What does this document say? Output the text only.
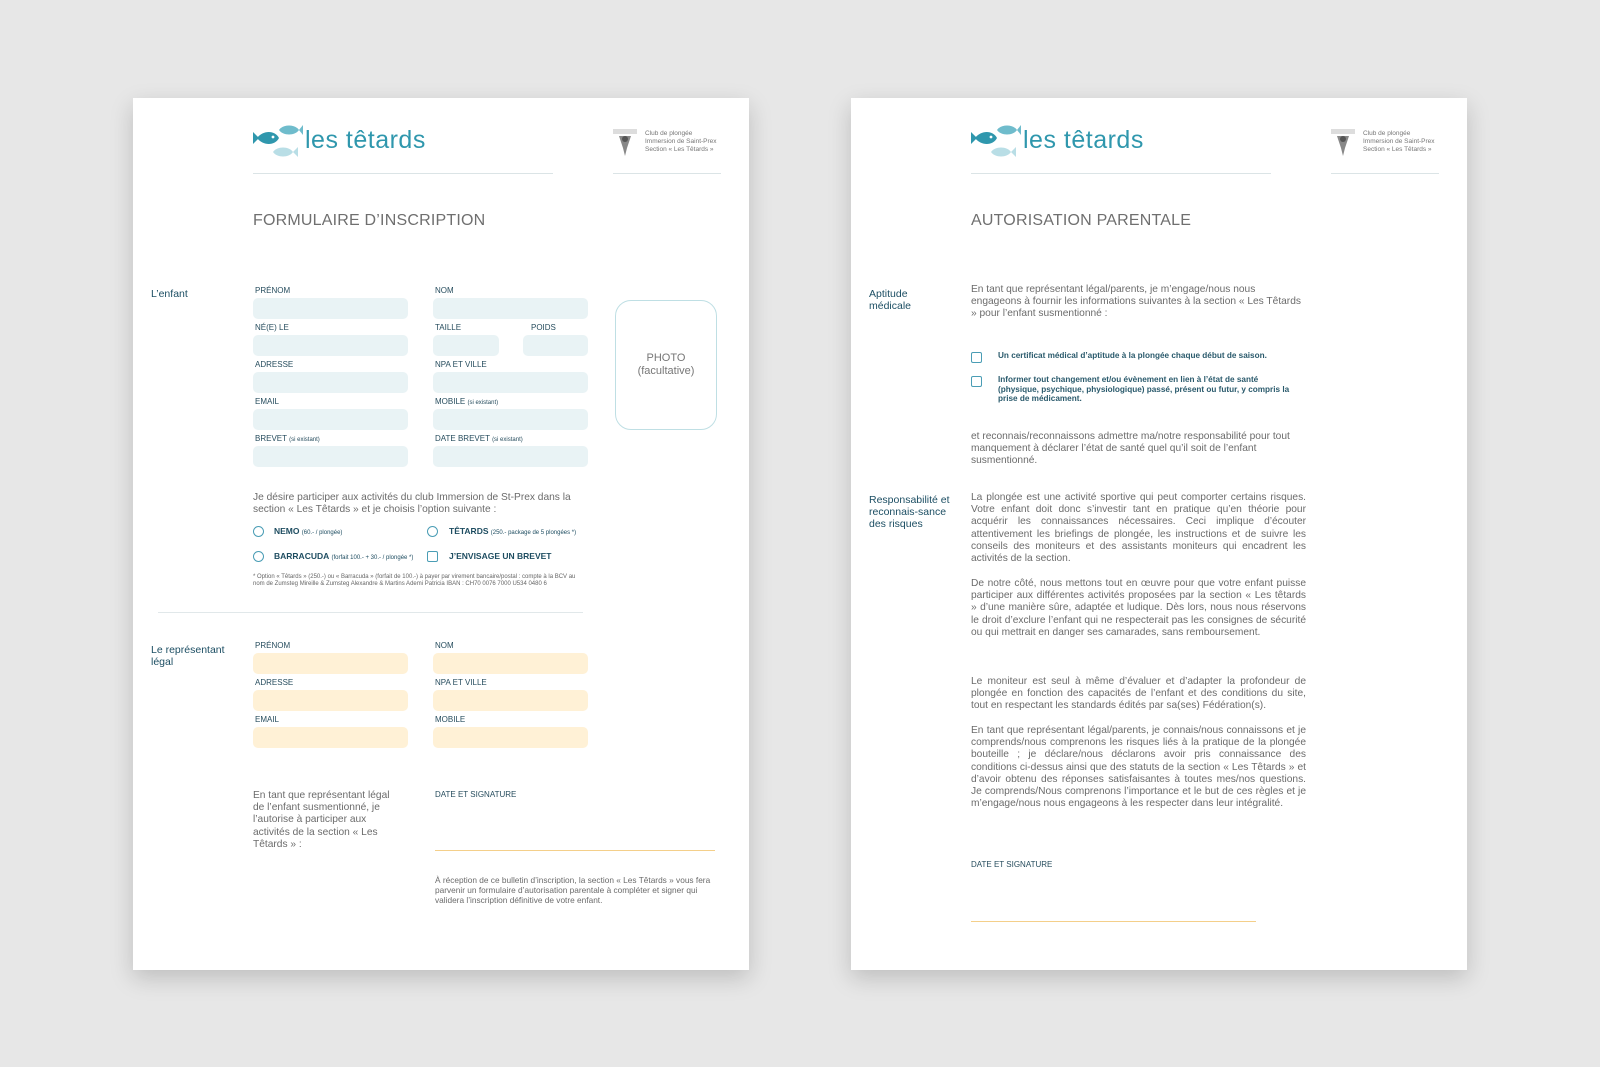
les têtards	Club de plongée
Immersion de Saint-Prex
Section « Les Têtards »
FORMULAIRE D’INSCRIPTION
L’enfant	PRÉNOM	NOM
NÉ(E) LE	TAILLE	POIDS
ADRESSE	NPA ET VILLE
EMAIL	MOBILE (si existant)
BREVET (si existant)	DATE BREVET (si existant)
PHOTO
(facultative)
Je désire participer aux activités du club Immersion de St-Prex dans la section « Les Têtards » et je choisis l’option suivante :
NEMO (60.- / plongée)	TÊTARDS (250.- package de 5 plongées *)
BARRACUDA (forfait 100.- + 30.- / plongée *)	J’ENVISAGE UN BREVET
* Option « Têtards » (250.-) ou « Barracuda » (forfait de 100.-) à payer par virement bancaire/postal : compte à la BCV au nom de Zumsteg Mireille & Zumsteg Alexandre & Martins Ademi Patricia IBAN : CH70 0076 7000 U534 0480 6
Le représentant légal
PRÉNOM	NOM
ADRESSE	NPA ET VILLE
EMAIL	MOBILE
En tant que représentant légal de l’enfant susmentionné, je l’autorise à participer aux activités de la section « Les Têtards » :
DATE ET SIGNATURE
À réception de ce bulletin d’inscription, la section « Les Têtards » vous fera parvenir un formulaire d’autorisation parentale à compléter et signer qui validera l’inscription définitive de votre enfant.
les têtards	Club de plongée
Immersion de Saint-Prex
Section « Les Têtards »
AUTORISATION PARENTALE
Aptitude médicale
En tant que représentant légal/parents, je m’engage/nous nous engageons à fournir les informations suivantes à la section « Les Têtards » pour l’enfant susmentionné :
Un certificat médical d’aptitude à la plongée chaque début de saison.
Informer tout changement et/ou évènement en lien à l’état de santé (physique, psychique, physiologique) passé, présent ou futur, y compris la prise de médicament.
et reconnais/reconnaissons admettre ma/notre responsabilité pour tout manquement à déclarer l’état de santé quel qu’il soit de l’enfant susmentionné.
Responsabilité et reconnais-sance des risques
La plongée est une activité sportive qui peut comporter certains risques. Votre enfant doit donc s’investir tant en pratique qu’en théorie pour acquérir les connaissances nécessaires. Ceci implique d’écouter attentivement les briefings de plongée, les instructions et de suivre les conseils des moniteurs et des assistants moniteurs qui encadrent les activités de la section.
De notre côté, nous mettons tout en œuvre pour que votre enfant puisse participer aux différentes activités proposées par la section « Les têtards » d’une manière sûre, adaptée et ludique. Dès lors, nous nous réservons le droit d’exclure l’enfant qui ne respecterait pas les consignes de sécurité ou qui mettrait en danger ses camarades, sans remboursement.
Le moniteur est seul à même d’évaluer et d’adapter la profondeur de plongée en fonction des capacités de l’enfant et des conditions du site, tout en respectant les standards édités par sa(ses) Fédération(s).
En tant que représentant légal/parents, je connais/nous connaissons et je comprends/nous comprenons les risques liés à la pratique de la plongée bouteille ; je déclare/nous déclarons avoir pris connaissance des conditions ci-dessus ainsi que des statuts de la section « Les Têtards » et d’avoir obtenu des réponses satisfaisantes à toutes mes/nos questions. Je comprends/Nous comprenons l’importance et le but de ces règles et je m’engage/nous nous engageons à les respecter dans leur intégralité.
DATE ET SIGNATURE
